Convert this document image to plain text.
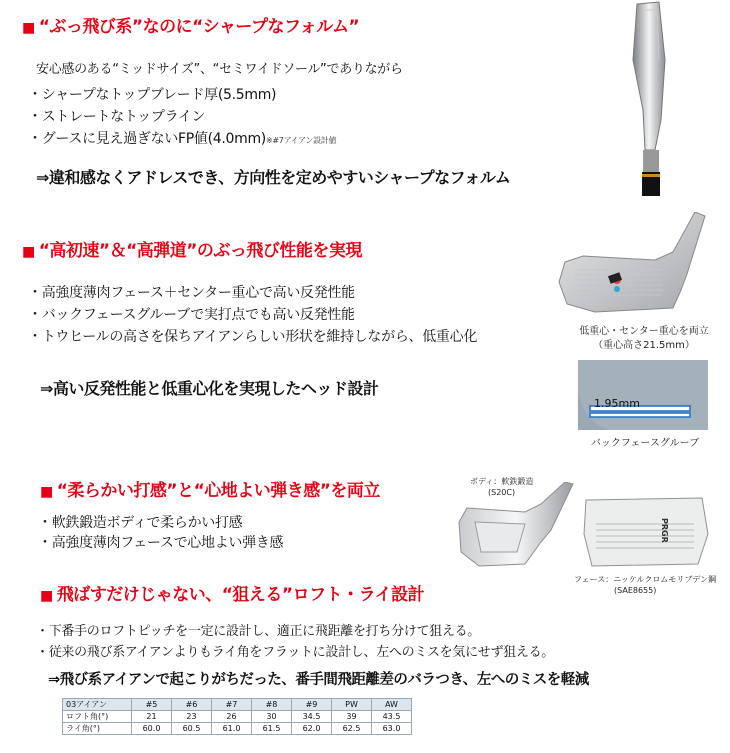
■ “ぶっ飛び系”なのに“シャープなフォルム”
安心感のある“ミッドサイズ”、“セミワイドソール”でありながら
・シャープなトップブレード厚(5.5mm)
・ストレートなトップライン
・グースに見え過ぎないFP値(4.0mm)※#7アイアン設計値
⇒違和感なくアドレスでき、方向性を定めやすいシャープなフォルム
■ “高初速”＆“高弾道”のぶっ飛び性能を実現
・高強度薄肉フェース＋センター重心で高い反発性能
・バックフェースグルーブで実打点でも高い反発性能
・トウヒールの高さを保ちアイアンらしい形状を維持しながら、低重心化
⇒高い反発性能と低重心化を実現したヘッド設計
低重心・センター重心を両立
（重心高さ21.5mm）
1.95mm
バックフェースグルーブ
■ “柔らかい打感”と“心地よい弾き感”を両立
・軟鉄鍛造ボディで柔らかい打感
・高強度薄肉フェースで心地よい弾き感
ボディ：軟鉄鍛造
(S20C)
PRGR
フェース：ニッケルクロムモリブデン鋼
(SAE8655)
■ 飛ばすだけじゃない、“狙える”ロフト・ライ設計
・下番手のロフトピッチを一定に設計し、適正に飛距離を打ち分けて狙える。
・従来の飛び系アイアンよりもライ角をフラットに設計し、左へのミスを気にせず狙える。
⇒飛び系アイアンで起こりがちだった、番手間飛距離差のバラつき、左へのミスを軽減
03アイアン	#5	#6	#7	#8	#9	PW	AW
ロフト角(°)	21	23	26	30	34.5	39	43.5
ライ角(°)	60.0	60.5	61.0	61.5	62.0	62.5	63.0
